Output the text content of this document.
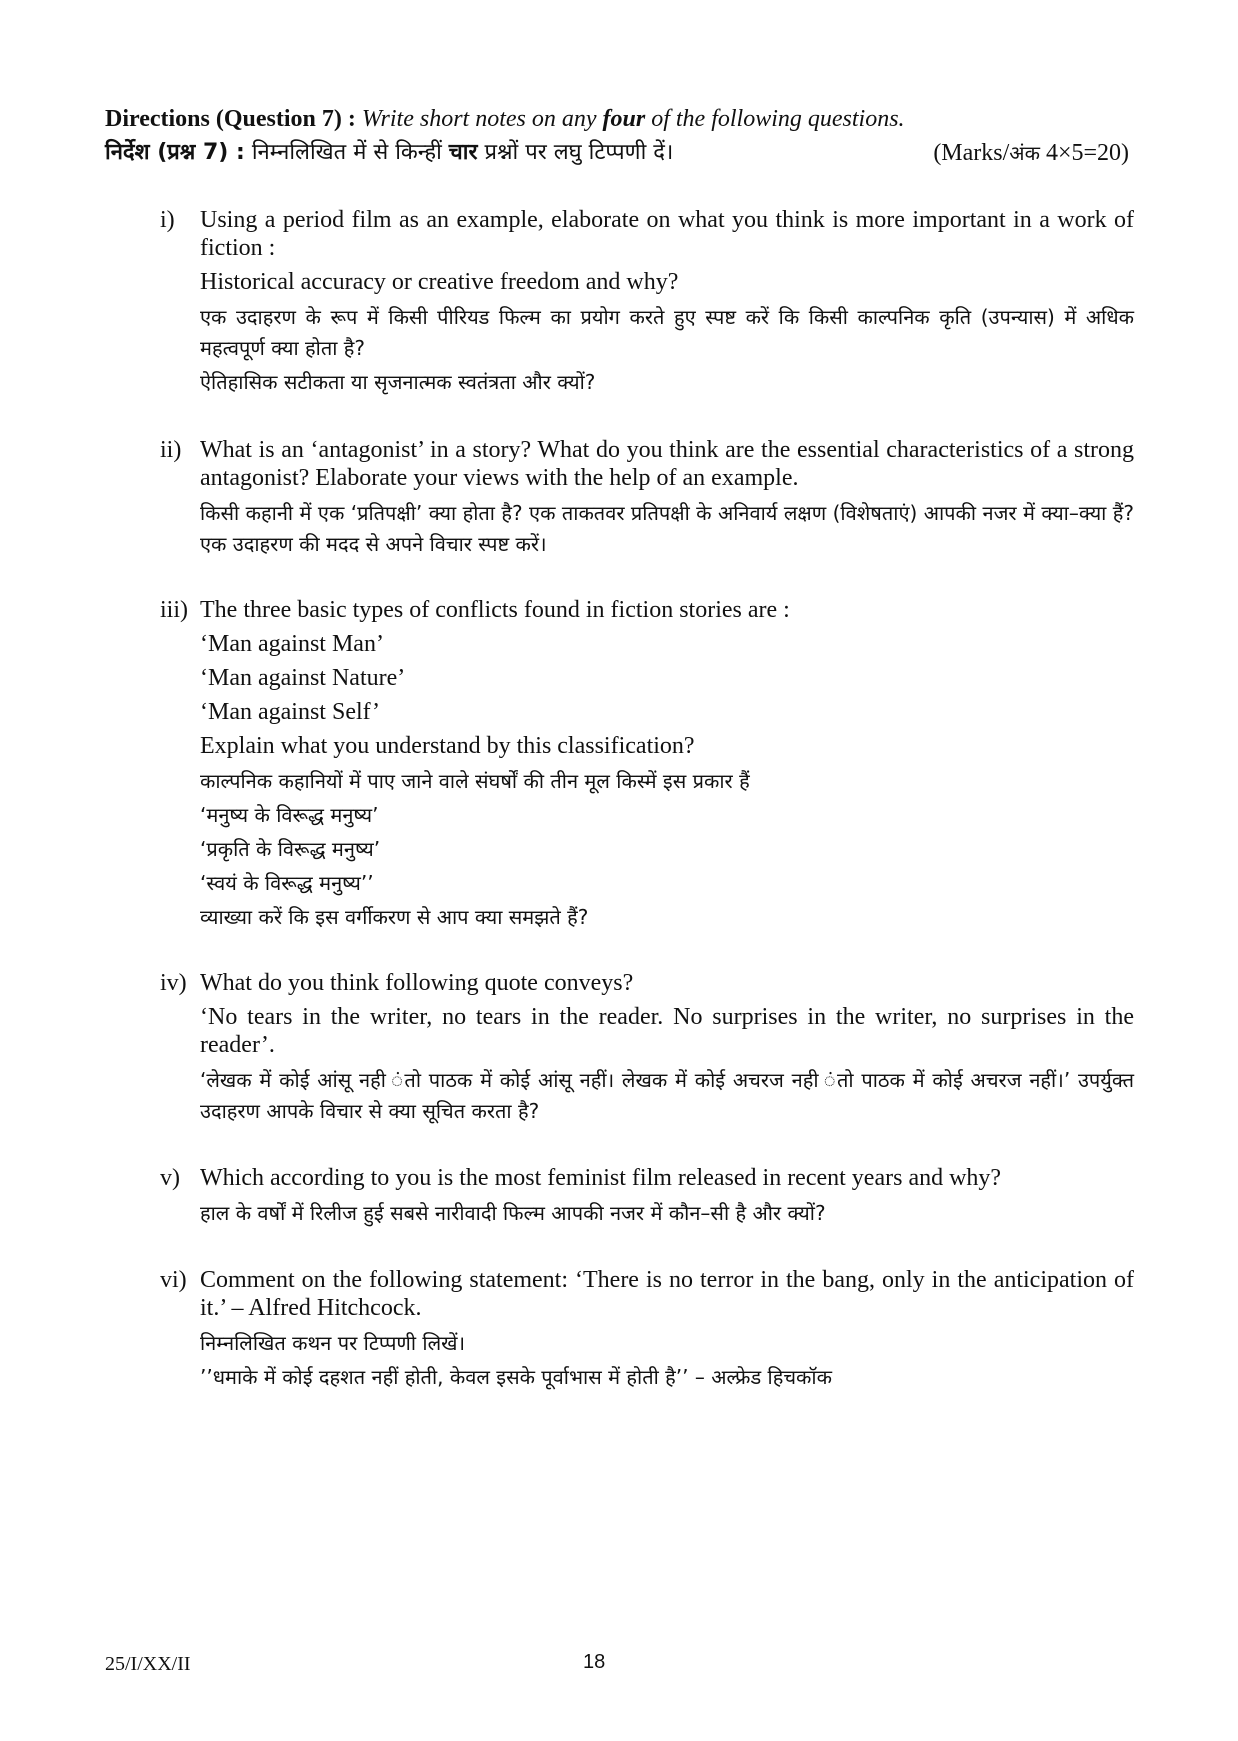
Directions (Question 7) : Write short notes on any four of the following questions.
निर्देश (प्रश्न 7) : निम्नलिखित में से किन्हीं चार प्रश्नों पर लघु टिप्पणी दें।	(Marks/अंक 4×5=20)
i) Using a period film as an example, elaborate on what you think is more important in a work of fiction :

Historical accuracy or creative freedom and why?

एक उदाहरण के रूप में किसी पीरियड फिल्म का प्रयोग करते हुए स्पष्ट करें कि किसी काल्पनिक कृति (उपन्यास) में अधिक महत्वपूर्ण क्या होता है?

ऐतिहासिक सटीकता या सृजनात्मक स्वतंत्रता और क्यों?

ii) What is an ‘antagonist’ in a story? What do you think are the essential characteristics of a strong antagonist? Elaborate your views with the help of an example.

किसी कहानी में एक ‘प्रतिपक्षी’ क्या होता है? एक ताकतवर प्रतिपक्षी के अनिवार्य लक्षण (विशेषताएं) आपकी नजर में क्या–क्या हैं? एक उदाहरण की मदद से अपने विचार स्पष्ट करें।

iii) The three basic types of conflicts found in fiction stories are :

‘Man against Man’

‘Man against Nature’

‘Man against Self’

Explain what you understand by this classification?

काल्पनिक कहानियों में पाए जाने वाले संघर्षों की तीन मूल किस्में इस प्रकार हैं

‘मनुष्य के विरूद्ध मनुष्य’

‘प्रकृति के विरूद्ध मनुष्य’

‘स्वयं के विरूद्ध मनुष्य’’

व्याख्या करें कि इस वर्गीकरण से आप क्या समझते हैं?

iv) What do you think following quote conveys?

‘No tears in the writer, no tears in the reader. No surprises in the writer, no surprises in the reader’.

‘लेखक में कोई आंसू नही ंतो पाठक में कोई आंसू नहीं। लेखक में कोई अचरज नही ंतो पाठक में कोई अचरज नहीं।’ उपर्युक्त उदाहरण आपके विचार से क्या सूचित करता है?

v) Which according to you is the most feminist film released in recent years and why?

हाल के वर्षों में रिलीज हुई सबसे नारीवादी फिल्म आपकी नजर में कौन–सी है और क्यों?

vi) Comment on the following statement: ‘There is no terror in the bang, only in the anticipation of it.’ – Alfred Hitchcock.

निम्नलिखित कथन पर टिप्पणी लिखें।

’’धमाके में कोई दहशत नहीं होती, केवल इसके पूर्वाभास में होती है’’ – अल्फ्रेड हिचकॉक

25/I/XX/II	18
